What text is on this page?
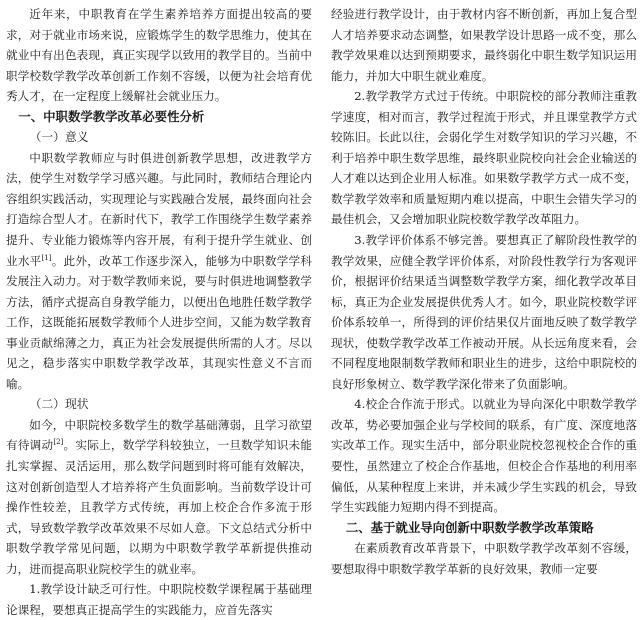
近年来，中职教育在学生素养培养方面提出较高的要求，对于就业市场来说，应锻炼学生的数学思维力，使其在就业中有出色表现，真正实现学以致用的教学目的。当前中职学校数学教学改革创新工作刻不容缓，以便为社会培育优秀人才，在一定程度上缓解社会就业压力。

一、中职数学教学改革必要性分析
（一）意义

中职数学教师应与时俱进创新教学思想，改进教学方法，使学生对数学学习感兴趣。与此同时，教师结合理论内容组织实践活动，实现理论与实践融合发展，最终面向社会打造综合型人才。在新时代下，教学工作围绕学生数学素养提升、专业能力锻炼等内容开展，有利于提升学生就业、创业水平[1]。此外，改革工作逐步深入，能够为中职数学学科发展注入动力。对于数学教师来说，要与时俱进地调整教学方法，循序式提高自身教学能力，以便出色地胜任数学教学工作，这既能拓展数学教师个人进步空间，又能为数学教育事业贡献绵薄之力，真正为社会发展提供所需的人才。尽以见之，稳步落实中职数学教学改革，其现实性意义不言而喻。

（二）现状

如今，中职院校多数学生的数学基础薄弱，且学习欲望有待调动[2]。实际上，数学学科较独立，一旦数学知识未能扎实掌握、灵活运用，那么数学问题到时将可能有效解决，这对创新创造型人才培养将产生负面影响。当前数学设计可操作性较差，且教学方式传统，再加上校企合作多流于形式，导致数学教学改革效果不尽如人意。下文总结式分析中职数学教学常见问题，以期为中职数学教学革新提供推动力，进而提高职业院校学生的就业率。

1.教学设计缺乏可行性。中职院校数学课程属于基础理论课程，要想真正提高学生的实践能力，应首先落实

经验进行教学设计，由于教材内容不断创新，再加上复合型人才培养要求动态调整，如果教学设计思路一成不变，那么教学效果难以达到预期要求，最终弱化中职生数学知识运用能力，并加大中职生就业难度。

2.教学教学方式过于传统。中职院校的部分教师注重教学速度，相对而言，教学过程流于形式，并且课堂教学方式较陈旧。长此以往，会弱化学生对数学知识的学习兴趣，不利于培养中职生数学思维，最终职业院校向社会企业输送的人才难以达到企业用人标准。如果数学教学方式一成不变，数学教学效率和质量短期内难以提高，中职生会错失学习的最佳机会，又会增加职业院校数学教学改革阻力。

3.教学评价体系不够完善。要想真正了解阶段性教学的教学效果，应健全教学评价体系，对阶段性教学行为客观评价，根据评价结果适当调整数学教学方案，细化教学改革目标，真正为企业发展提供优秀人才。如今，职业院校数学评价体系较单一，所得到的评价结果仅片面地反映了数学教学现状，使数学教学改革工作被动开展。从长远角度来看，会不同程度地限制数学教师和职业生的进步，这给中职院校的良好形象树立、数学教学深化带来了负面影响。

4.校企合作流于形式。以就业为导向深化中职数学教学改革，势必要加强企业与学校间的联系，有广度、深度地落实改革工作。现实生活中，部分职业院校忽视校企合作的重要性，虽然建立了校企合作基地，但校企合作基地的利用率偏低，从某种程度上来讲，并未减少学生实践的机会，导致学生实践能力短期内得不到提高。

二、基于就业导向创新中职数学教学改革策略

在素质教育改革背景下，中职数学教学改革刻不容缓，要想取得中职数学教学革新的良好效果，教师一定要
